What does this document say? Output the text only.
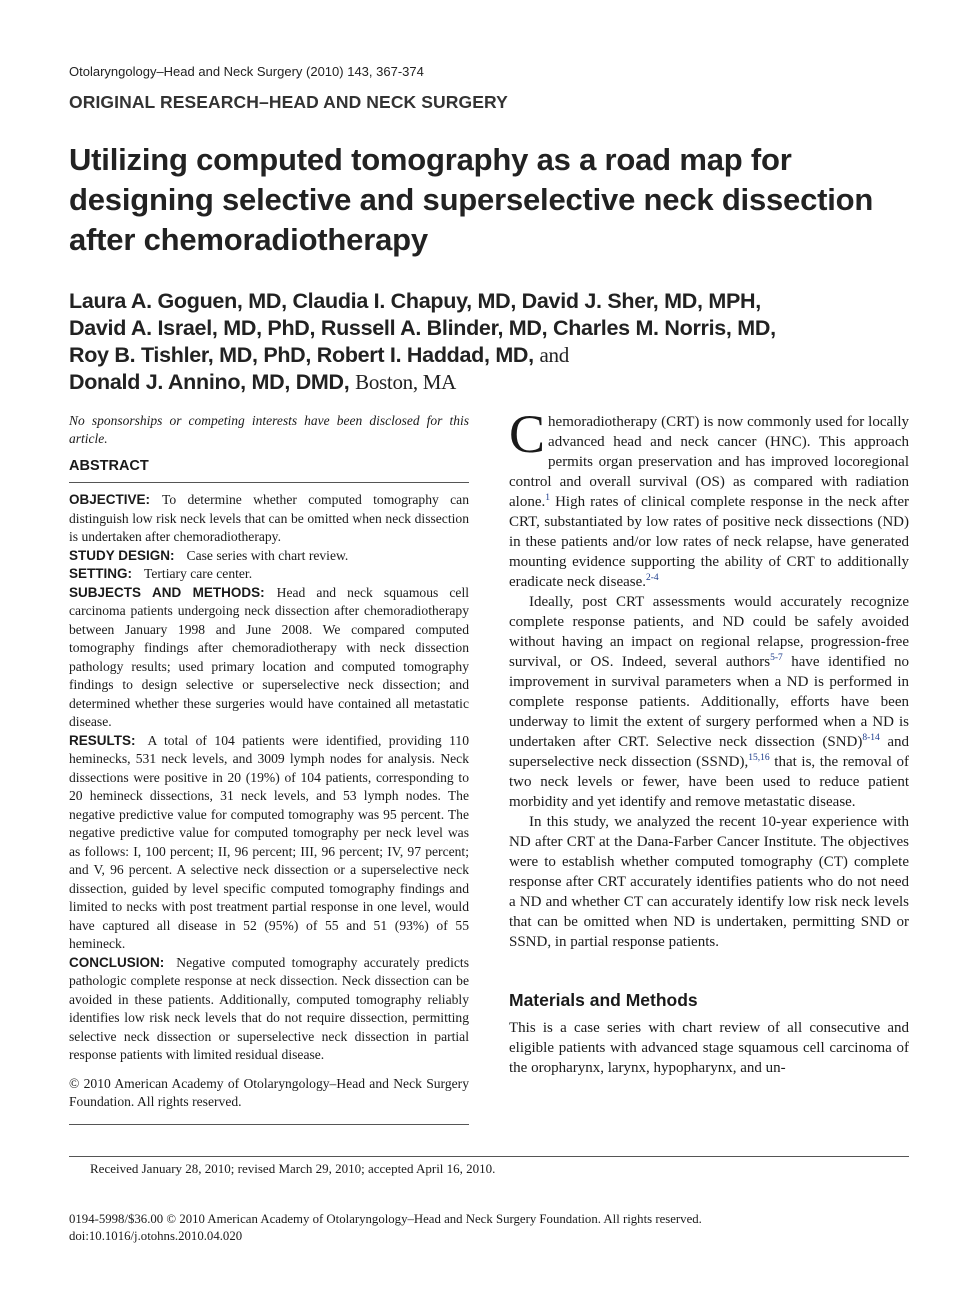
Otolaryngology–Head and Neck Surgery (2010) 143, 367-374
ORIGINAL RESEARCH–HEAD AND NECK SURGERY
Utilizing computed tomography as a road map for designing selective and superselective neck dissection after chemoradiotherapy
Laura A. Goguen, MD, Claudia I. Chapuy, MD, David J. Sher, MD, MPH,
David A. Israel, MD, PhD, Russell A. Blinder, MD, Charles M. Norris, MD,
Roy B. Tishler, MD, PhD, Robert I. Haddad, MD, and
Donald J. Annino, MD, DMD, Boston, MA

No sponsorships or competing interests have been disclosed for this article.

ABSTRACT

OBJECTIVE: To determine whether computed tomography can distinguish low risk neck levels that can be omitted when neck dissection is undertaken after chemoradiotherapy.

STUDY DESIGN: Case series with chart review.

SETTING: Tertiary care center.

SUBJECTS AND METHODS: Head and neck squamous cell carcinoma patients undergoing neck dissection after chemoradiotherapy between January 1998 and June 2008. We compared computed tomography findings after chemoradiotherapy with neck dissection pathology results; used primary location and computed tomography findings to design selective or superselective neck dissection; and determined whether these surgeries would have contained all metastatic disease.

RESULTS: A total of 104 patients were identified, providing 110 heminecks, 531 neck levels, and 3009 lymph nodes for analysis. Neck dissections were positive in 20 (19%) of 104 patients, corresponding to 20 hemineck dissections, 31 neck levels, and 53 lymph nodes. The negative predictive value for computed tomography was 95 percent. The negative predictive value for computed tomography per neck level was as follows: I, 100 percent; II, 96 percent; III, 96 percent; IV, 97 percent; and V, 96 percent. A selective neck dissection or a superselective neck dissection, guided by level specific computed tomography findings and limited to necks with post treatment partial response in one level, would have captured all disease in 52 (95%) of 55 and 51 (93%) of 55 hemineck.

CONCLUSION: Negative computed tomography accurately predicts pathologic complete response at neck dissection. Neck dissection can be avoided in these patients. Additionally, computed tomography reliably identifies low risk neck levels that do not require dissection, permitting selective neck dissection or superselective neck dissection in partial response patients with limited residual disease.

© 2010 American Academy of Otolaryngology–Head and Neck Surgery Foundation. All rights reserved.

Chemoradiotherapy (CRT) is now commonly used for locally advanced head and neck cancer (HNC). This approach permits organ preservation and has improved locoregional control and overall survival (OS) as compared with radiation alone.$^1$ High rates of clinical complete response in the neck after CRT, substantiated by low rates of positive neck dissections (ND) in these patients and/or low rates of neck relapse, have generated mounting evidence supporting the ability of CRT to additionally eradicate neck disease.$^{2-4}$

Ideally, post CRT assessments would accurately recognize complete response patients, and ND could be safely avoided without having an impact on regional relapse, progression-free survival, or OS. Indeed, several authors$^{5-7}$ have identified no improvement in survival parameters when a ND is performed in complete response patients. Additionally, efforts have been underway to limit the extent of surgery performed when a ND is undertaken after CRT. Selective neck dissection (SND)$^{8-14}$ and superselective neck dissection (SSND),$^{15,16}$ that is, the removal of two neck levels or fewer, have been used to reduce patient morbidity and yet identify and remove metastatic disease.

In this study, we analyzed the recent 10-year experience with ND after CRT at the Dana-Farber Cancer Institute. The objectives were to establish whether computed tomography (CT) complete response after CRT accurately identifies patients who do not need a ND and whether CT can accurately identify low risk neck levels that can be omitted when ND is undertaken, permitting SND or SSND, in partial response patients.

Materials and Methods

This is a case series with chart review of all consecutive and eligible patients with advanced stage squamous cell carcinoma of the oropharynx, larynx, hypopharynx, and un-

Received January 28, 2010; revised March 29, 2010; accepted April 16, 2010.
0194-5998/$36.00 © 2010 American Academy of Otolaryngology–Head and Neck Surgery Foundation. All rights reserved.
doi:10.1016/j.otohns.2010.04.020
